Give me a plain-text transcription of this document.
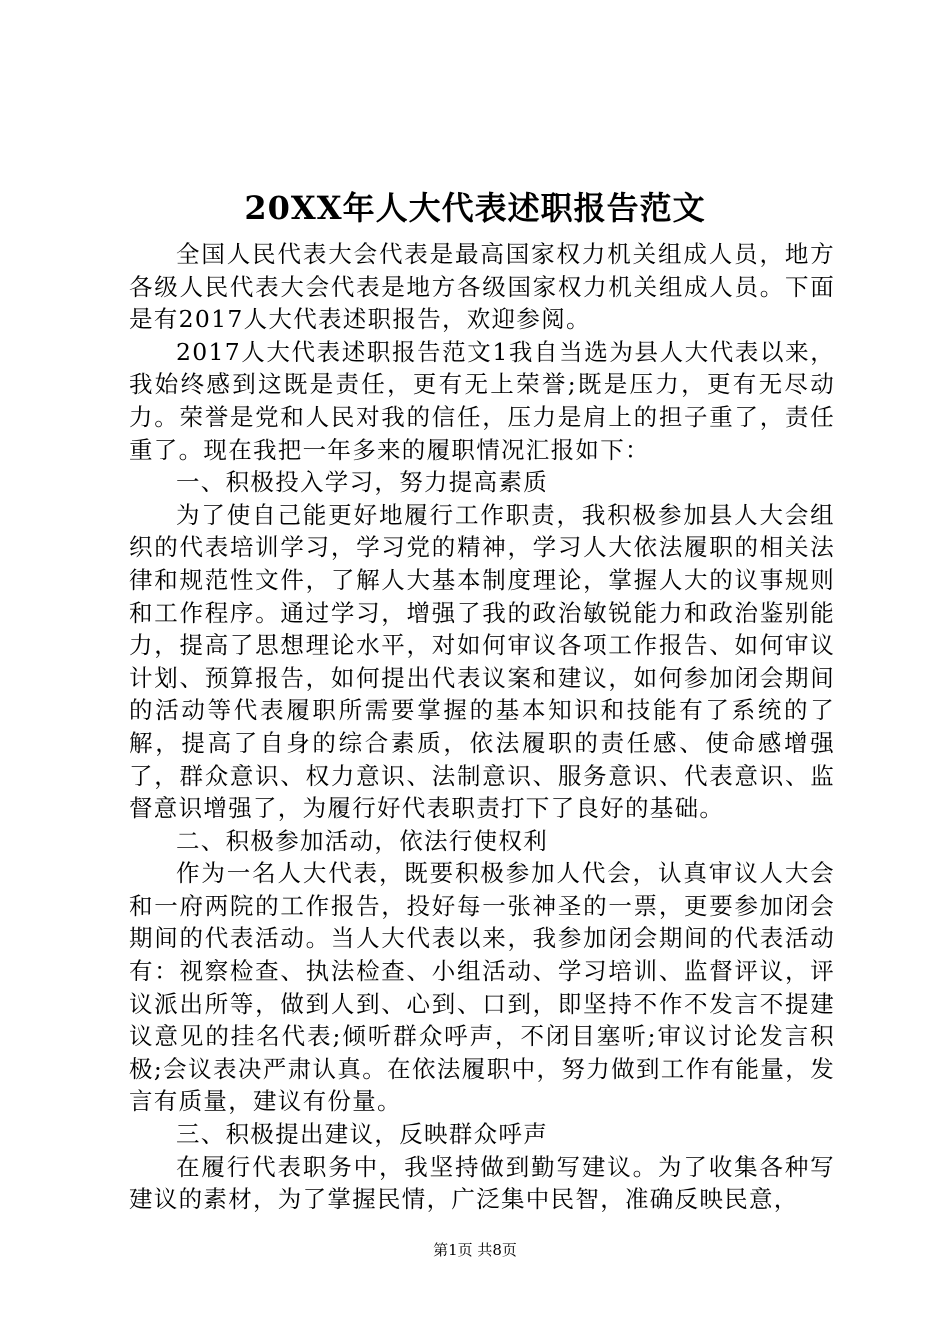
20XX年人大代表述职报告范文

全国人民代表大会代表是最高国家权力机关组成人员，地方各级人民代表大会代表是地方各级国家权力机关组成人员。下面是有2017人大代表述职报告，欢迎参阅。

2017人大代表述职报告范文1我自当选为县人大代表以来，我始终感到这既是责任，更有无上荣誉;既是压力，更有无尽动力。荣誉是党和人民对我的信任，压力是肩上的担子重了，责任重了。现在我把一年多来的履职情况汇报如下：

一、积极投入学习，努力提高素质

为了使自己能更好地履行工作职责，我积极参加县人大会组织的代表培训学习，学习党的精神，学习人大依法履职的相关法律和规范性文件，了解人大基本制度理论，掌握人大的议事规则和工作程序。通过学习，增强了我的政治敏锐能力和政治鉴别能力，提高了思想理论水平，对如何审议各项工作报告、如何审议计划、预算报告，如何提出代表议案和建议，如何参加闭会期间的活动等代表履职所需要掌握的基本知识和技能有了系统的了解，提高了自身的综合素质，依法履职的责任感、使命感增强了，群众意识、权力意识、法制意识、服务意识、代表意识、监督意识增强了，为履行好代表职责打下了良好的基础。

二、积极参加活动，依法行使权利

作为一名人大代表，既要积极参加人代会，认真审议人大会和一府两院的工作报告，投好每一张神圣的一票，更要参加闭会期间的代表活动。当人大代表以来，我参加闭会期间的代表活动有：视察检查、执法检查、小组活动、学习培训、监督评议，评议派出所等，做到人到、心到、口到，即坚持不作不发言不提建议意见的挂名代表;倾听群众呼声，不闭目塞听;审议讨论发言积极;会议表决严肃认真。在依法履职中，努力做到工作有能量，发言有质量，建议有份量。

三、积极提出建议，反映群众呼声

在履行代表职务中，我坚持做到勤写建议。为了收集各种写建议的素材，为了掌握民情，广泛集中民智，准确反映民意，

第1页 共8页
